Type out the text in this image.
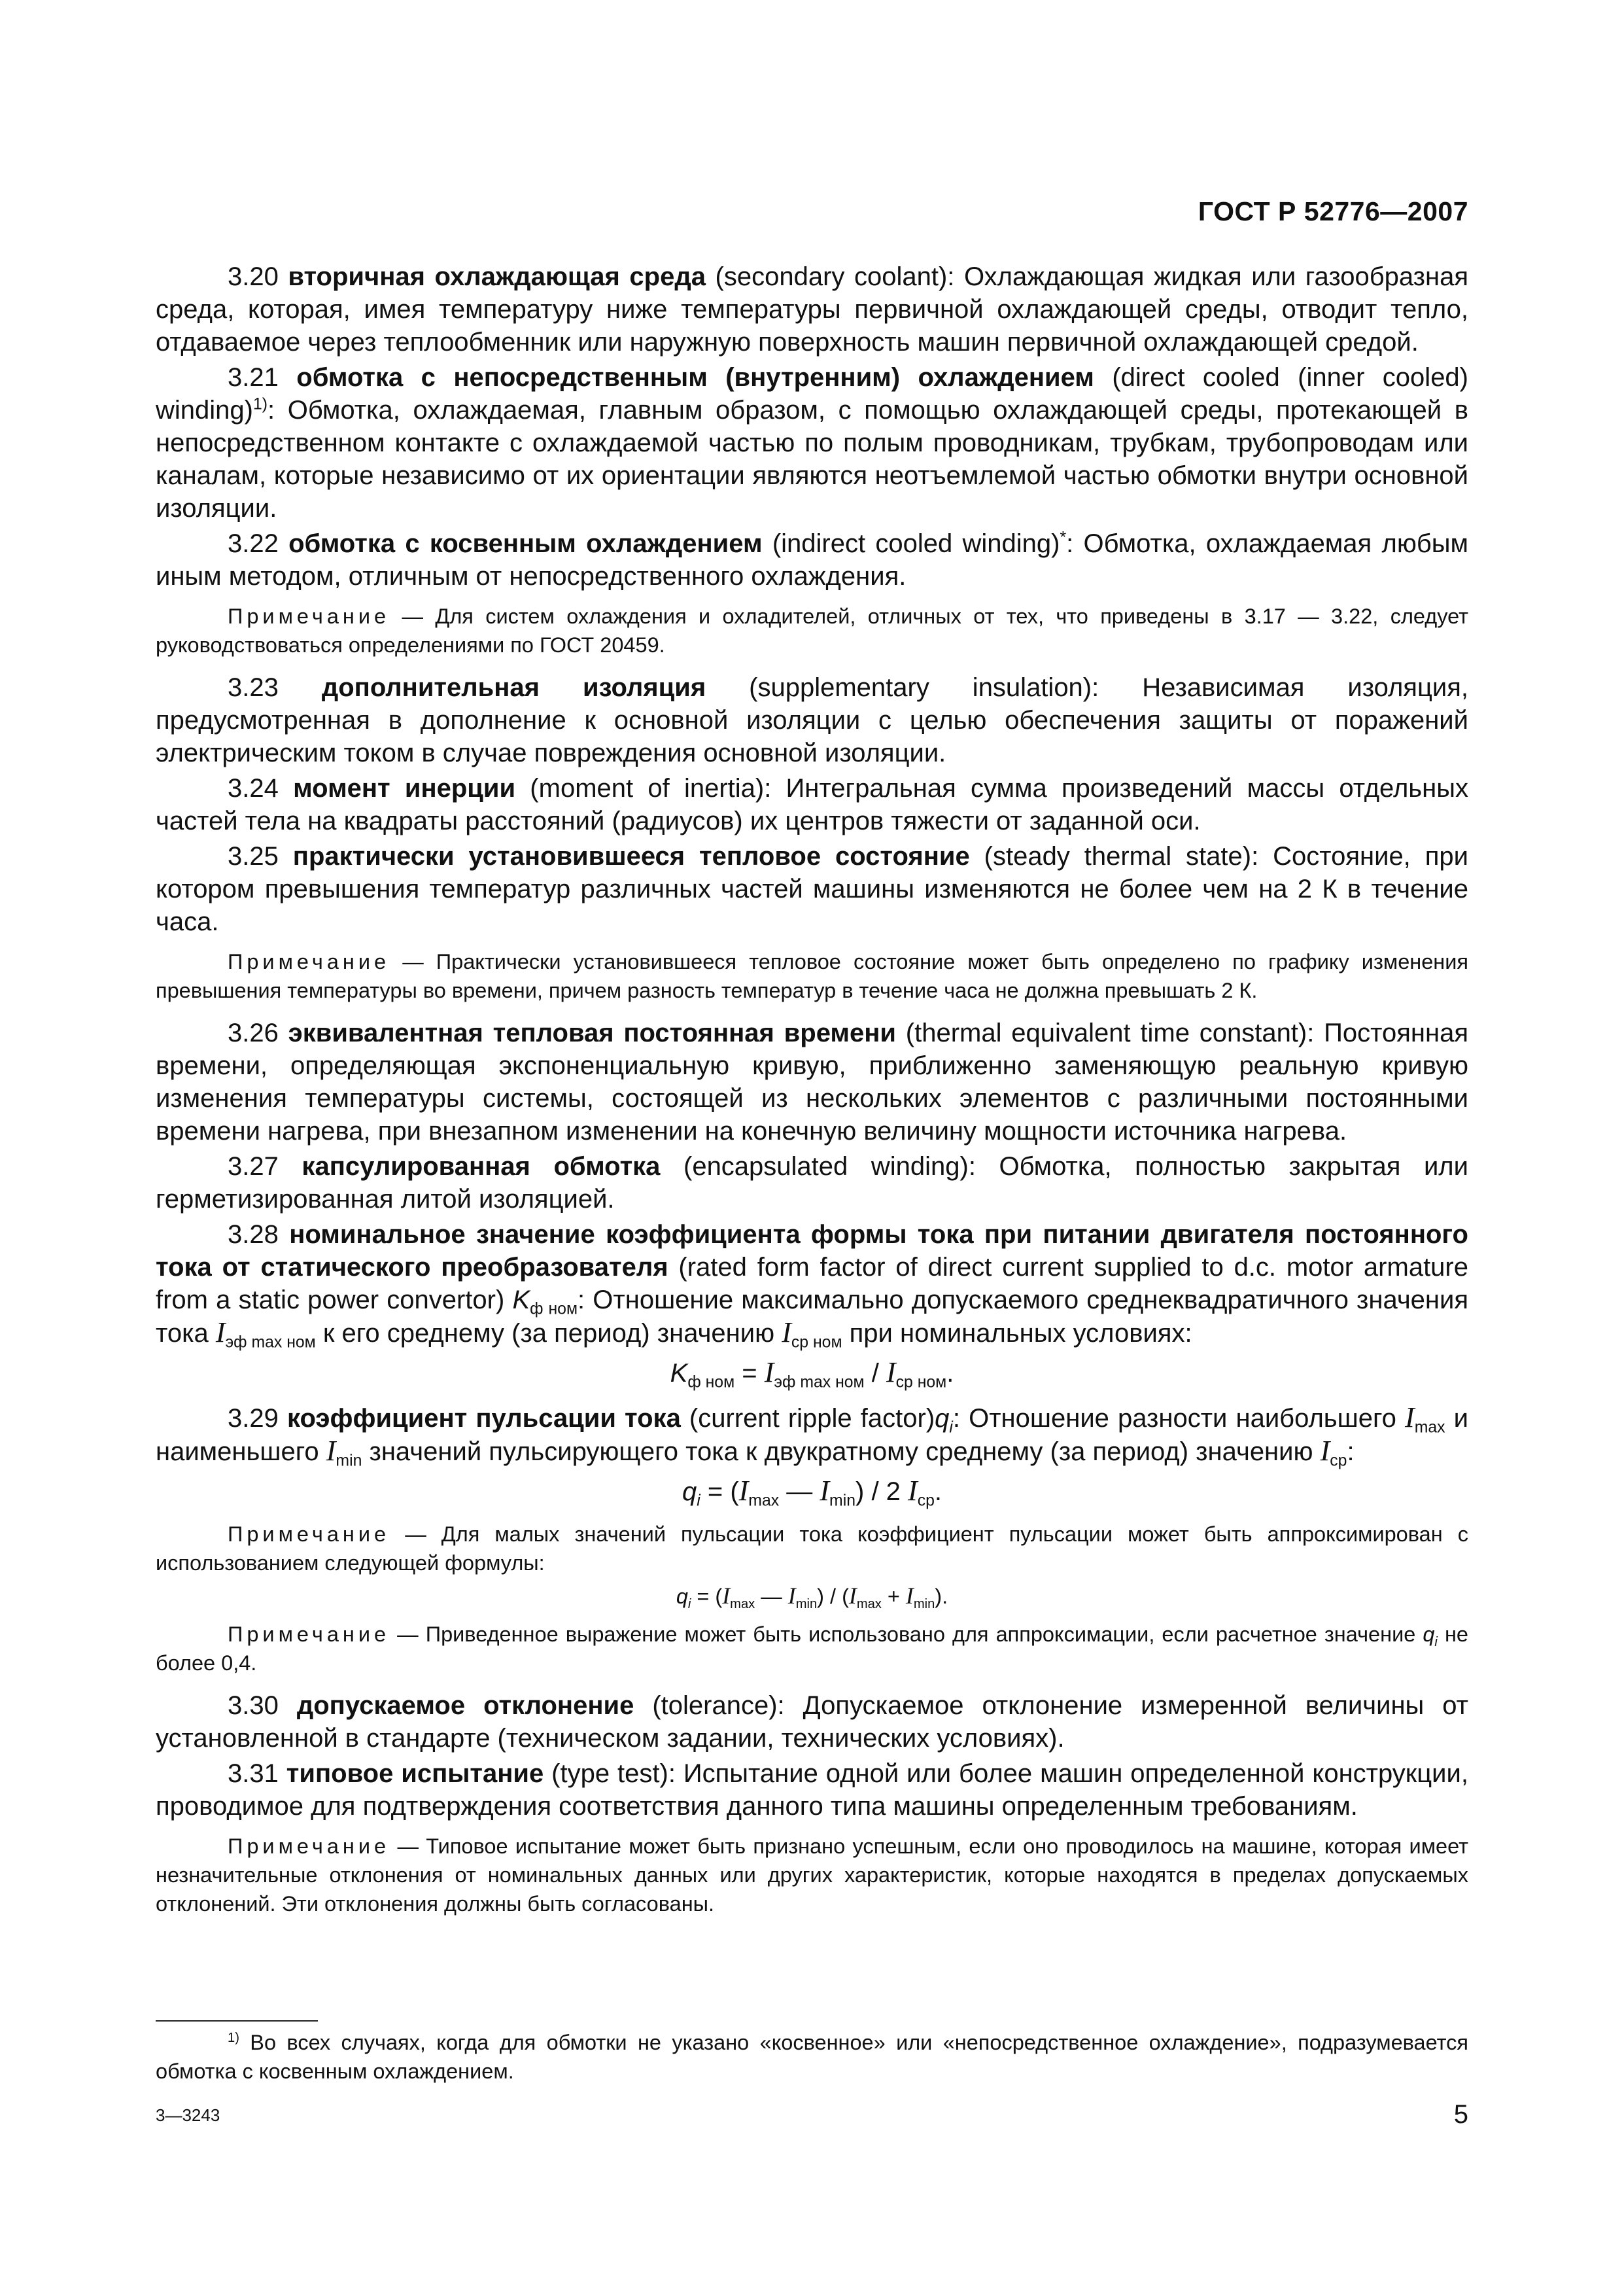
ГОСТ Р 52776—2007

3.20 вторичная охлаждающая среда (secondary coolant): Охлаждающая жидкая или газообразная среда, которая, имея температуру ниже температуры первичной охлаждающей среды, отводит тепло, отдаваемое через теплообменник или наружную поверхность машин первичной охлаждающей средой.

3.21 обмотка с непосредственным (внутренним) охлаждением (direct cooled (inner cooled) winding)$^{1)}$: Обмотка, охлаждаемая, главным образом, с помощью охлаждающей среды, протекающей в непосредственном контакте с охлаждаемой частью по полым проводникам, трубкам, трубопроводам или каналам, которые независимо от их ориентации являются неотъемлемой частью обмотки внутри основной изоляции.

3.22 обмотка с косвенным охлаждением (indirect cooled winding)*: Обмотка, охлаждаемая любым иным методом, отличным от непосредственного охлаждения.

Примечание — Для систем охлаждения и охладителей, отличных от тех, что приведены в 3.17 — 3.22, следует руководствоваться определениями по ГОСТ 20459.

3.23 дополнительная изоляция (supplementary insulation): Независимая изоляция, предусмотренная в дополнение к основной изоляции с целью обеспечения защиты от поражений электрическим током в случае повреждения основной изоляции.

3.24 момент инерции (moment of inertia): Интегральная сумма произведений массы отдельных частей тела на квадраты расстояний (радиусов) их центров тяжести от заданной оси.

3.25 практически установившееся тепловое состояние (steady thermal state): Состояние, при котором превышения температур различных частей машины изменяются не более чем на 2 К в течение часа.

Примечание — Практически установившееся тепловое состояние может быть определено по графику изменения превышения температуры во времени, причем разность температур в течение часа не должна превышать 2 К.

3.26 эквивалентная тепловая постоянная времени (thermal equivalent time constant): Постоянная времени, определяющая экспоненциальную кривую, приближенно заменяющую реальную кривую изменения температуры системы, состоящей из нескольких элементов с различными постоянными времени нагрева, при внезапном изменении на конечную величину мощности источника нагрева.

3.27 капсулированная обмотка (encapsulated winding): Обмотка, полностью закрытая или герметизированная литой изоляцией.

3.28 номинальное значение коэффициента формы тока при питании двигателя постоянного тока от статического преобразователя (rated form factor of direct current supplied to d.c. motor armature from a static power convertor) $K_{ф ном}$: Отношение максимально допускаемого среднеквадратичного значения тока $I_{эф max ном}$ к его среднему (за период) значению $I_{ср ном}$ при номинальных условиях:

$K_{ф ном} = I_{эф max ном} / I_{ср ном}$.

3.29 коэффициент пульсации тока (current ripple $factor)q_i$: Отношение разности наибольшего $I_{max}$ и наименьшего $I_{min}$ значений пульсирующего тока к двукратному среднему (за период) значению $I_{ср}$:

$q_i = (I_{max}$ — $I_{min}) / 2$ $I_{ср}$.

Примечание — Для малых значений пульсации тока коэффициент пульсации может быть аппроксимирован с использованием следующей формулы:

$q_i = (I_{max}$ — $I_{min}) / (I_{max} + I_{min})$.

Примечание — Приведенное выражение может быть использовано для аппроксимации, если расчетное значение $q_i$ не более 0,4.

3.30 допускаемое отклонение (tolerance): Допускаемое отклонение измеренной величины от установленной в стандарте (техническом задании, технических условиях).

3.31 типовое испытание (type test): Испытание одной или более машин определенной конструкции, проводимое для подтверждения соответствия данного типа машины определенным требованиям.

Примечание — Типовое испытание может быть признано успешным, если оно проводилось на машине, которая имеет незначительные отклонения от номинальных данных или других характеристик, которые находятся в пределах допускаемых отклонений. Эти отклонения должны быть согласованы.

$^{1)}$ Во всех случаях, когда для обмотки не указано «косвенное» или «непосредственное охлаждение», подразумевается обмотка с косвенным охлаждением.
3—3243	5
